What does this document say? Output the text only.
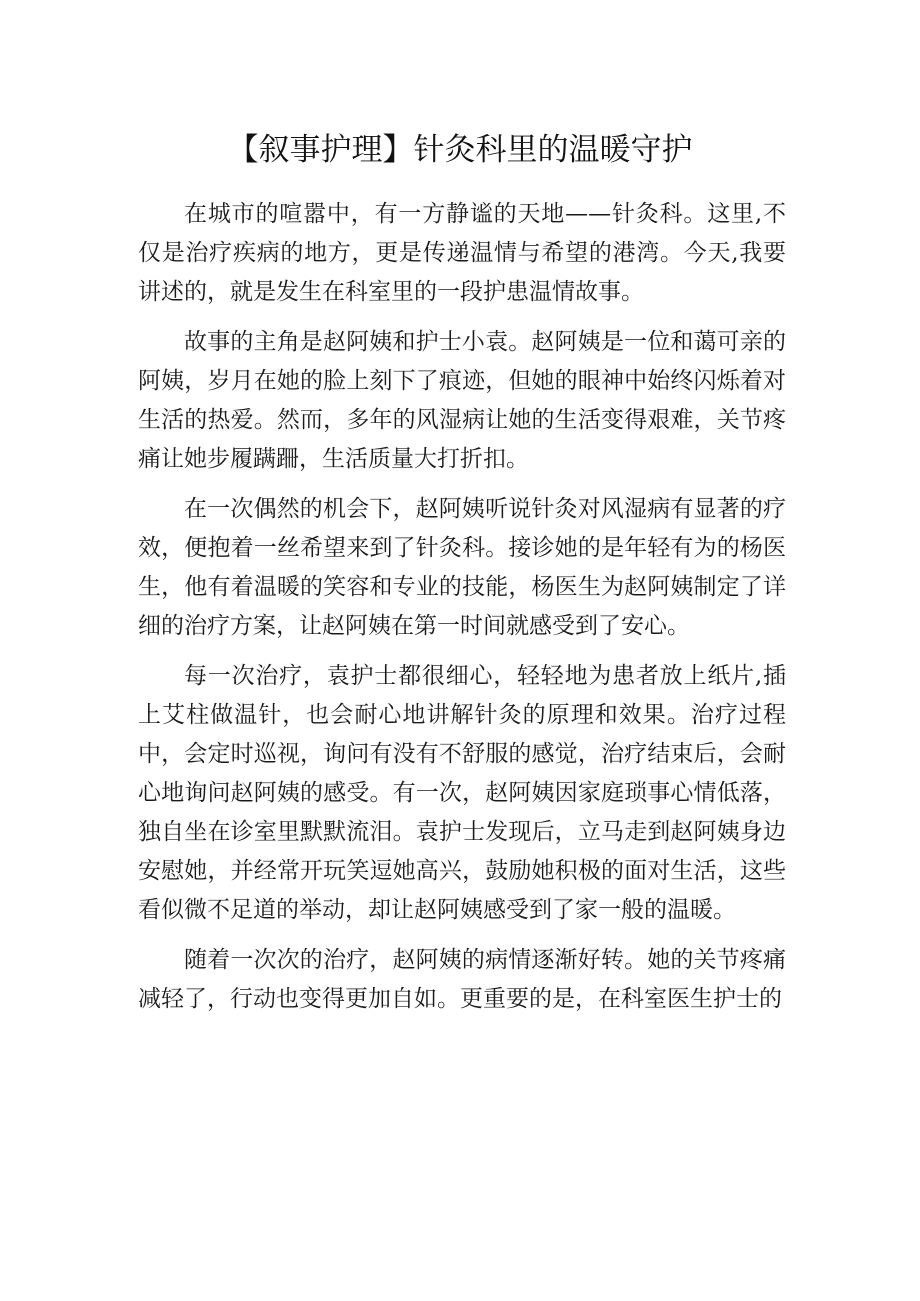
【叙事护理】针灸科里的温暖守护

在城市的喧嚣中，有一方静谧的天地——针灸科。这里,不仅是治疗疾病的地方，更是传递温情与希望的港湾。今天,我要讲述的，就是发生在科室里的一段护患温情故事。

故事的主角是赵阿姨和护士小袁。赵阿姨是一位和蔼可亲的阿姨，岁月在她的脸上刻下了痕迹，但她的眼神中始终闪烁着对生活的热爱。然而，多年的风湿病让她的生活变得艰难，关节疼痛让她步履蹒跚，生活质量大打折扣。

在一次偶然的机会下，赵阿姨听说针灸对风湿病有显著的疗效，便抱着一丝希望来到了针灸科。接诊她的是年轻有为的杨医生，他有着温暖的笑容和专业的技能，杨医生为赵阿姨制定了详细的治疗方案，让赵阿姨在第一时间就感受到了安心。

每一次治疗，袁护士都很细心，轻轻地为患者放上纸片,插上艾柱做温针，也会耐心地讲解针灸的原理和效果。治疗过程中，会定时巡视，询问有没有不舒服的感觉，治疗结束后，会耐心地询问赵阿姨的感受。有一次，赵阿姨因家庭琐事心情低落，独自坐在诊室里默默流泪。袁护士发现后，立马走到赵阿姨身边安慰她，并经常开玩笑逗她高兴，鼓励她积极的面对生活，这些看似微不足道的举动，却让赵阿姨感受到了家一般的温暖。

随着一次次的治疗，赵阿姨的病情逐渐好转。她的关节疼痛减轻了，行动也变得更加自如。更重要的是，在科室医生护士的
